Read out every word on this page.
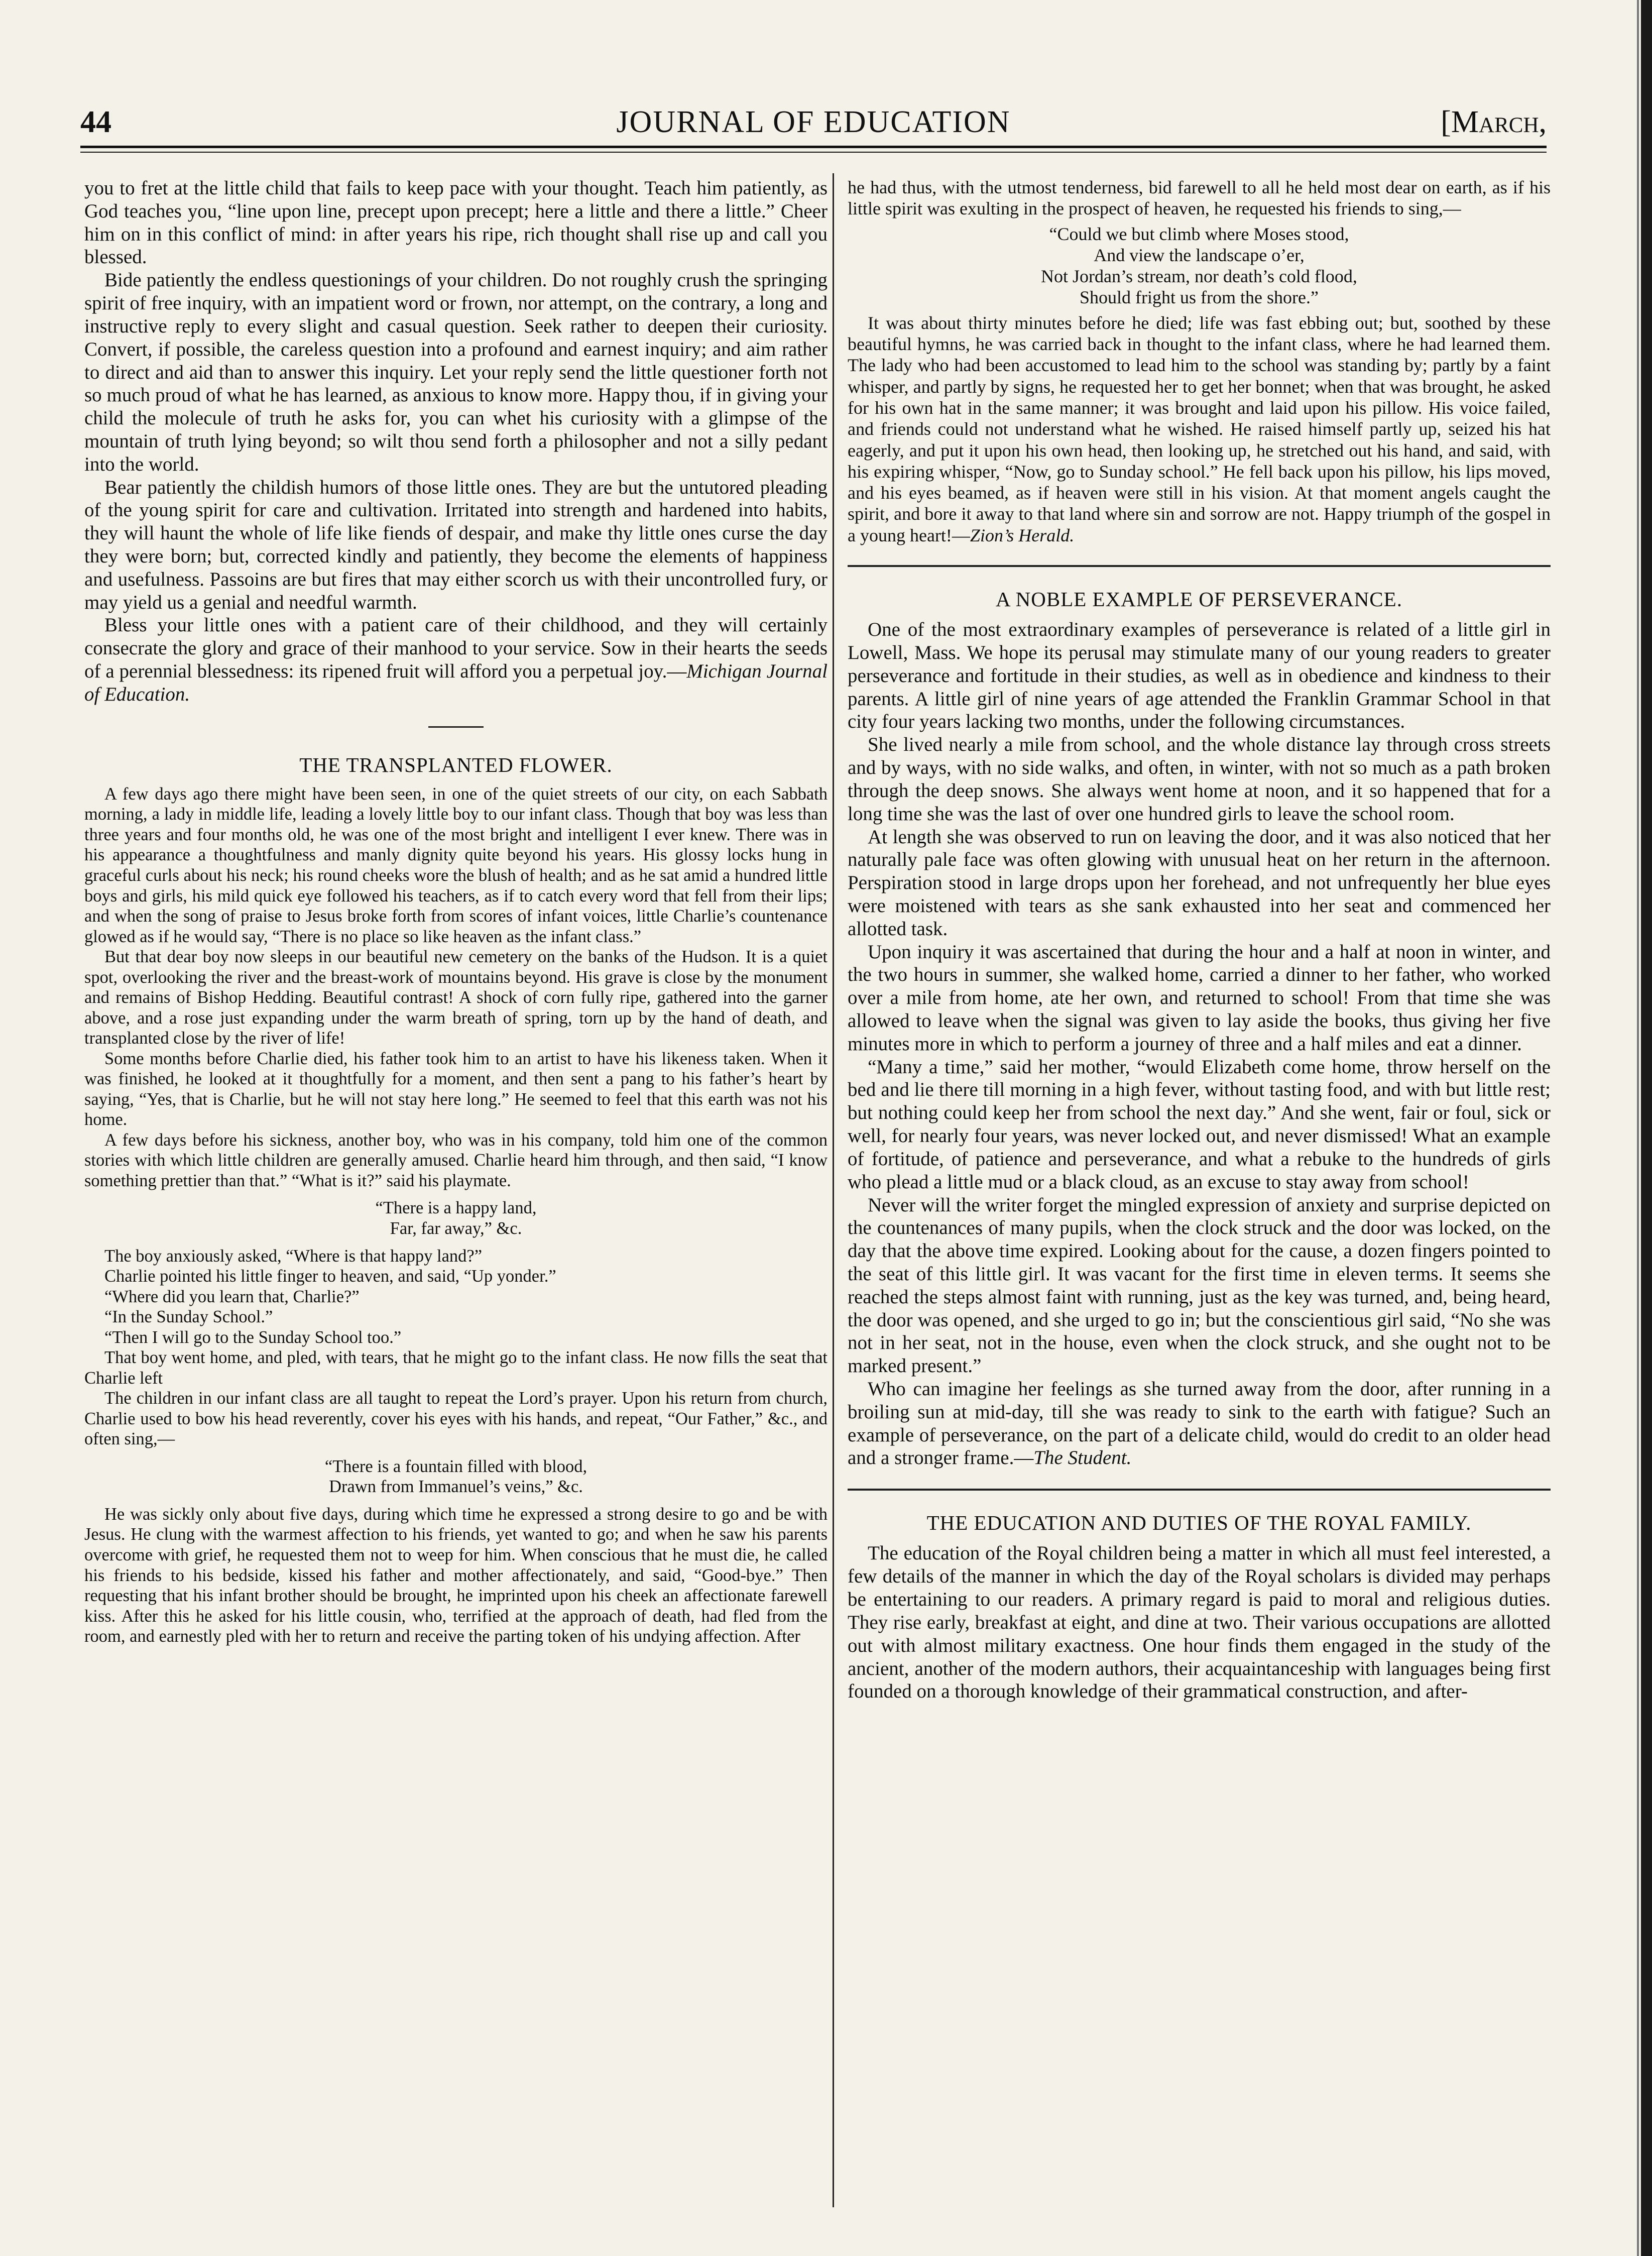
44	JOURNAL OF EDUCATION	[March,

you to fret at the little child that fails to keep pace with your thought. Teach him patiently, as God teaches you, “line upon line, precept upon precept; here a little and there a little.” Cheer him on in this conflict of mind: in after years his ripe, rich thought shall rise up and call you blessed.

Bide patiently the endless questionings of your children. Do not roughly crush the springing spirit of free inquiry, with an impatient word or frown, nor attempt, on the contrary, a long and instructive reply to every slight and casual question. Seek rather to deepen their curiosity. Convert, if possible, the careless question into a profound and earnest inquiry; and aim rather to direct and aid than to answer this inquiry. Let your reply send the little questioner forth not so much proud of what he has learned, as anxious to know more. Happy thou, if in giving your child the molecule of truth he asks for, you can whet his curiosity with a glimpse of the mountain of truth lying beyond; so wilt thou send forth a philosopher and not a silly pedant into the world.

Bear patiently the childish humors of those little ones. They are but the untutored pleading of the young spirit for care and cultivation. Irritated into strength and hardened into habits, they will haunt the whole of life like fiends of despair, and make thy little ones curse the day they were born; but, corrected kindly and patiently, they become the elements of happiness and usefulness. Passoins are but fires that may either scorch us with their uncontrolled fury, or may yield us a genial and needful warmth.

Bless your little ones with a patient care of their childhood, and they will certainly consecrate the glory and grace of their manhood to your service. Sow in their hearts the seeds of a perennial blessedness: its ripened fruit will afford you a perpetual joy.—Michigan Journal of Education.

THE TRANSPLANTED FLOWER.

A few days ago there might have been seen, in one of the quiet streets of our city, on each Sabbath morning, a lady in middle life, leading a lovely little boy to our infant class. Though that boy was less than three years and four months old, he was one of the most bright and intelligent I ever knew. There was in his appearance a thoughtfulness and manly dignity quite beyond his years. His glossy locks hung in graceful curls about his neck; his round cheeks wore the blush of health; and as he sat amid a hundred little boys and girls, his mild quick eye followed his teachers, as if to catch every word that fell from their lips; and when the song of praise to Jesus broke forth from scores of infant voices, little Charlie’s countenance glowed as if he would say, “There is no place so like heaven as the infant class.”

But that dear boy now sleeps in our beautiful new cemetery on the banks of the Hudson. It is a quiet spot, overlooking the river and the breast-work of mountains beyond. His grave is close by the monument and remains of Bishop Hedding. Beautiful contrast! A shock of corn fully ripe, gathered into the garner above, and a rose just expanding under the warm breath of spring, torn up by the hand of death, and transplanted close by the river of life!

Some months before Charlie died, his father took him to an artist to have his likeness taken. When it was finished, he looked at it thoughtfully for a moment, and then sent a pang to his father’s heart by saying, “Yes, that is Charlie, but he will not stay here long.” He seemed to feel that this earth was not his home.

A few days before his sickness, another boy, who was in his company, told him one of the common stories with which little children are generally amused. Charlie heard him through, and then said, “I know something prettier than that.” “What is it?” said his playmate.

“There is a happy land,
Far, far away,” &c.

The boy anxiously asked, “Where is that happy land?”

Charlie pointed his little finger to heaven, and said, “Up yonder.”

“Where did you learn that, Charlie?”

“In the Sunday School.”

“Then I will go to the Sunday School too.”

That boy went home, and pled, with tears, that he might go to the infant class. He now fills the seat that Charlie left

The children in our infant class are all taught to repeat the Lord’s prayer. Upon his return from church, Charlie used to bow his head reverently, cover his eyes with his hands, and repeat, “Our Father,” &c., and often sing,—

“There is a fountain filled with blood,
Drawn from Immanuel’s veins,” &c.

He was sickly only about five days, during which time he expressed a strong desire to go and be with Jesus. He clung with the warmest affection to his friends, yet wanted to go; and when he saw his parents overcome with grief, he requested them not to weep for him. When conscious that he must die, he called his friends to his bedside, kissed his father and mother affectionately, and said, “Good-bye.” Then requesting that his infant brother should be brought, he imprinted upon his cheek an affectionate farewell kiss. After this he asked for his little cousin, who, terrified at the approach of death, had fled from the room, and earnestly pled with her to return and receive the parting token of his undying affection. After

he had thus, with the utmost tenderness, bid farewell to all he held most dear on earth, as if his little spirit was exulting in the prospect of heaven, he requested his friends to sing,—

“Could we but climb where Moses stood,
And view the landscape o’er,
Not Jordan’s stream, nor death’s cold flood,
Should fright us from the shore.”

It was about thirty minutes before he died; life was fast ebbing out; but, soothed by these beautiful hymns, he was carried back in thought to the infant class, where he had learned them. The lady who had been accustomed to lead him to the school was standing by; partly by a faint whisper, and partly by signs, he requested her to get her bonnet; when that was brought, he asked for his own hat in the same manner; it was brought and laid upon his pillow. His voice failed, and friends could not understand what he wished. He raised himself partly up, seized his hat eagerly, and put it upon his own head, then looking up, he stretched out his hand, and said, with his expiring whisper, “Now, go to Sunday school.” He fell back upon his pillow, his lips moved, and his eyes beamed, as if heaven were still in his vision. At that moment angels caught the spirit, and bore it away to that land where sin and sorrow are not. Happy triumph of the gospel in a young heart!—Zion’s Herald.

A NOBLE EXAMPLE OF PERSEVERANCE.

One of the most extraordinary examples of perseverance is related of a little girl in Lowell, Mass. We hope its perusal may stimulate many of our young readers to greater perseverance and fortitude in their studies, as well as in obedience and kindness to their parents. A little girl of nine years of age attended the Franklin Grammar School in that city four years lacking two months, under the following circumstances.

She lived nearly a mile from school, and the whole distance lay through cross streets and by ways, with no side walks, and often, in winter, with not so much as a path broken through the deep snows. She always went home at noon, and it so happened that for a long time she was the last of over one hundred girls to leave the school room.

At length she was observed to run on leaving the door, and it was also noticed that her naturally pale face was often glowing with unusual heat on her return in the afternoon. Perspiration stood in large drops upon her forehead, and not unfrequently her blue eyes were moistened with tears as she sank exhausted into her seat and commenced her allotted task.

Upon inquiry it was ascertained that during the hour and a half at noon in winter, and the two hours in summer, she walked home, carried a dinner to her father, who worked over a mile from home, ate her own, and returned to school! From that time she was allowed to leave when the signal was given to lay aside the books, thus giving her five minutes more in which to perform a journey of three and a half miles and eat a dinner.

“Many a time,” said her mother, “would Elizabeth come home, throw herself on the bed and lie there till morning in a high fever, without tasting food, and with but little rest; but nothing could keep her from school the next day.” And she went, fair or foul, sick or well, for nearly four years, was never locked out, and never dismissed! What an example of fortitude, of patience and perseverance, and what a rebuke to the hundreds of girls who plead a little mud or a black cloud, as an excuse to stay away from school!

Never will the writer forget the mingled expression of anxiety and surprise depicted on the countenances of many pupils, when the clock struck and the door was locked, on the day that the above time expired. Looking about for the cause, a dozen fingers pointed to the seat of this little girl. It was vacant for the first time in eleven terms. It seems she reached the steps almost faint with running, just as the key was turned, and, being heard, the door was opened, and she urged to go in; but the conscientious girl said, “No she was not in her seat, not in the house, even when the clock struck, and she ought not to be marked present.”

Who can imagine her feelings as she turned away from the door, after running in a broiling sun at mid-day, till she was ready to sink to the earth with fatigue? Such an example of perseverance, on the part of a delicate child, would do credit to an older head and a stronger frame.—The Student.

THE EDUCATION AND DUTIES OF THE ROYAL FAMILY.

The education of the Royal children being a matter in which all must feel interested, a few details of the manner in which the day of the Royal scholars is divided may perhaps be entertaining to our readers. A primary regard is paid to moral and religious duties. They rise early, breakfast at eight, and dine at two. Their various occupations are allotted out with almost military exactness. One hour finds them engaged in the study of the ancient, another of the modern authors, their acquaintanceship with languages being first founded on a thorough knowledge of their grammatical construction, and after-
